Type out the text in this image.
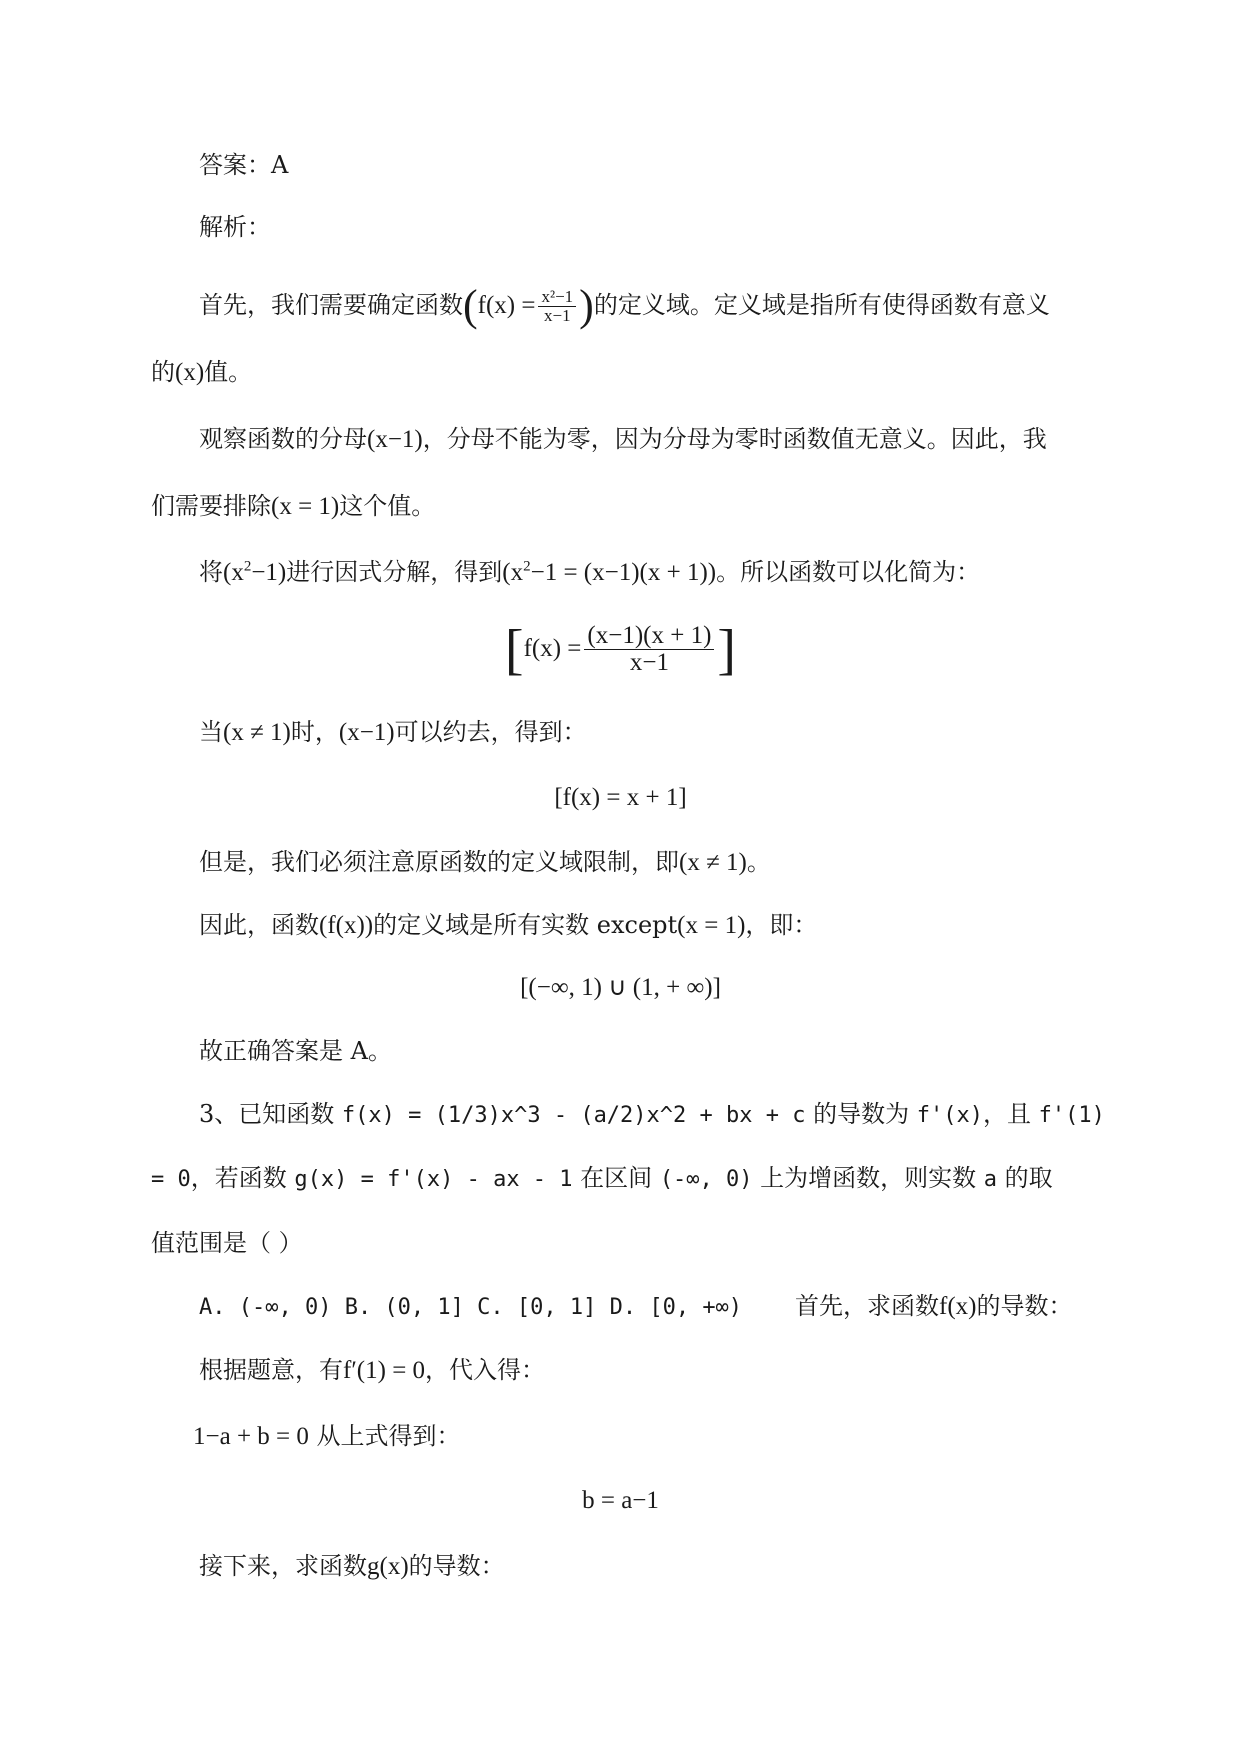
答案：A
解析：
首先，我们需要确定函数($f(x) = \frac{\text{x²−1}}{x-1}$ )的定义域。定义域是指所有使得函数有意义
的(x)值。
观察函数的分母(x−1)，分母不能为零，因为分母为零时函数值无意义。因此，我
们需要排除(x = 1)这个值。
将$(x^2-1)$进行因式分解，得到$(x^2-1 = (x-1)(x + 1))$。所以函数可以化简为：
[$f(x) = \frac{(x-1)(x + 1)}{x-1}$ ]
当(x ≠ 1)时，(x−1)可以约去，得到：
[f(x) = x + 1]
但是，我们必须注意原函数的定义域限制，即(x ≠ 1)。
因此，函数(f(x))的定义域是所有实数 except(x = 1)，即：
[(−∞, 1) ∪ (1, + ∞)]
故正确答案是 A。
3、已知函数 f(x) = (1/3)x^3 - (a/2)x^2 + bx + c 的导数为 f'(x)，且 f'(1)
= 0，若函数 g(x) = f'(x) - ax - 1 在区间 (-∞, 0) 上为增函数，则实数 a 的取
值范围是（ ）
A. (-∞, 0) B. (0, 1] C. [0, 1] D. [0, +∞) 首先，求函数f(x)的导数：
根据题意，有f′(1) = 0，代入得：
1−a + b = 0 从上式得到：
b = a−1
接下来，求函数g(x)的导数：
